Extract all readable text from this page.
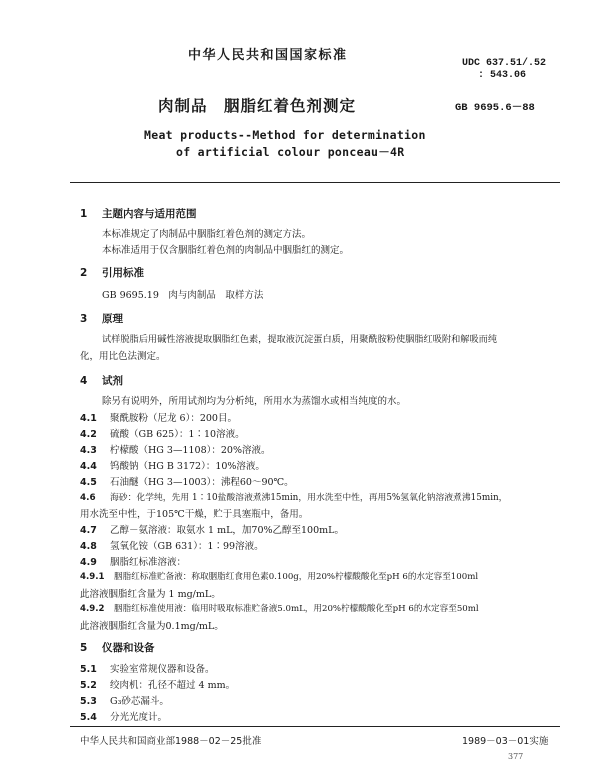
中华人民共和国国家标准
UDC 637.51/.52
: 543.06
肉制品　胭脂红着色剂测定	GB 9695.6－88
Meat products--Method for determination
of artificial colour ponceau－4R
1 主题内容与适用范围
本标准规定了肉制品中胭脂红着色剂的测定方法。
本标准适用于仅含胭脂红着色剂的肉制品中胭脂红的测定。
2 引用标准
GB 9695.19　肉与肉制品　取样方法
3 原理
试样脱脂后用碱性溶液提取胭脂红色素，提取液沉淀蛋白质，用聚酰胺粉使胭脂红吸附和解吸而纯
化，用比色法测定。
4 试剂
除另有说明外，所用试剂均为分析纯，所用水为蒸馏水或相当纯度的水。
4.1 聚酰胺粉（尼龙 6）：200目。
4.2 硫酸（GB 625）：1∶10溶液。
4.3 柠檬酸（HG 3—1108）：20%溶液。
4.4 钨酸钠（HG B 3172）：10%溶液。
4.5 石油醚（HG 3—1003）：沸程60～90℃。
4.6 海砂：化学纯，先用 1∶10盐酸溶液煮沸15min，用水洗至中性，再用5%氢氧化钠溶液煮沸15min，
用水洗至中性，于105℃干燥，贮于具塞瓶中，备用。
4.7 乙醇－氨溶液：取氨水 1 mL，加70%乙醇至100mL。
4.8 氢氧化铵（GB 631）：1∶99溶液。
4.9 胭脂红标准溶液：
4.9.1 胭脂红标准贮备液：称取胭脂红食用色素0.100g，用20%柠檬酸酸化至pH 6的水定容至100ml
此溶液胭脂红含量为 1 mg/mL。
4.9.2 胭脂红标准使用液：临用时吸取标准贮备液5.0mL，用20%柠檬酸酸化至pH 6的水定容至50ml
此溶液胭脂红含量为0.1mg/mL。
5 仪器和设备
5.1 实验室常规仪器和设备。
5.2 绞肉机：孔径不超过 4 mm。
5.3 G₃砂芯漏斗。
5.4 分光光度计。
中华人民共和国商业部1988－02－25批准	1989－03－01实施
377
